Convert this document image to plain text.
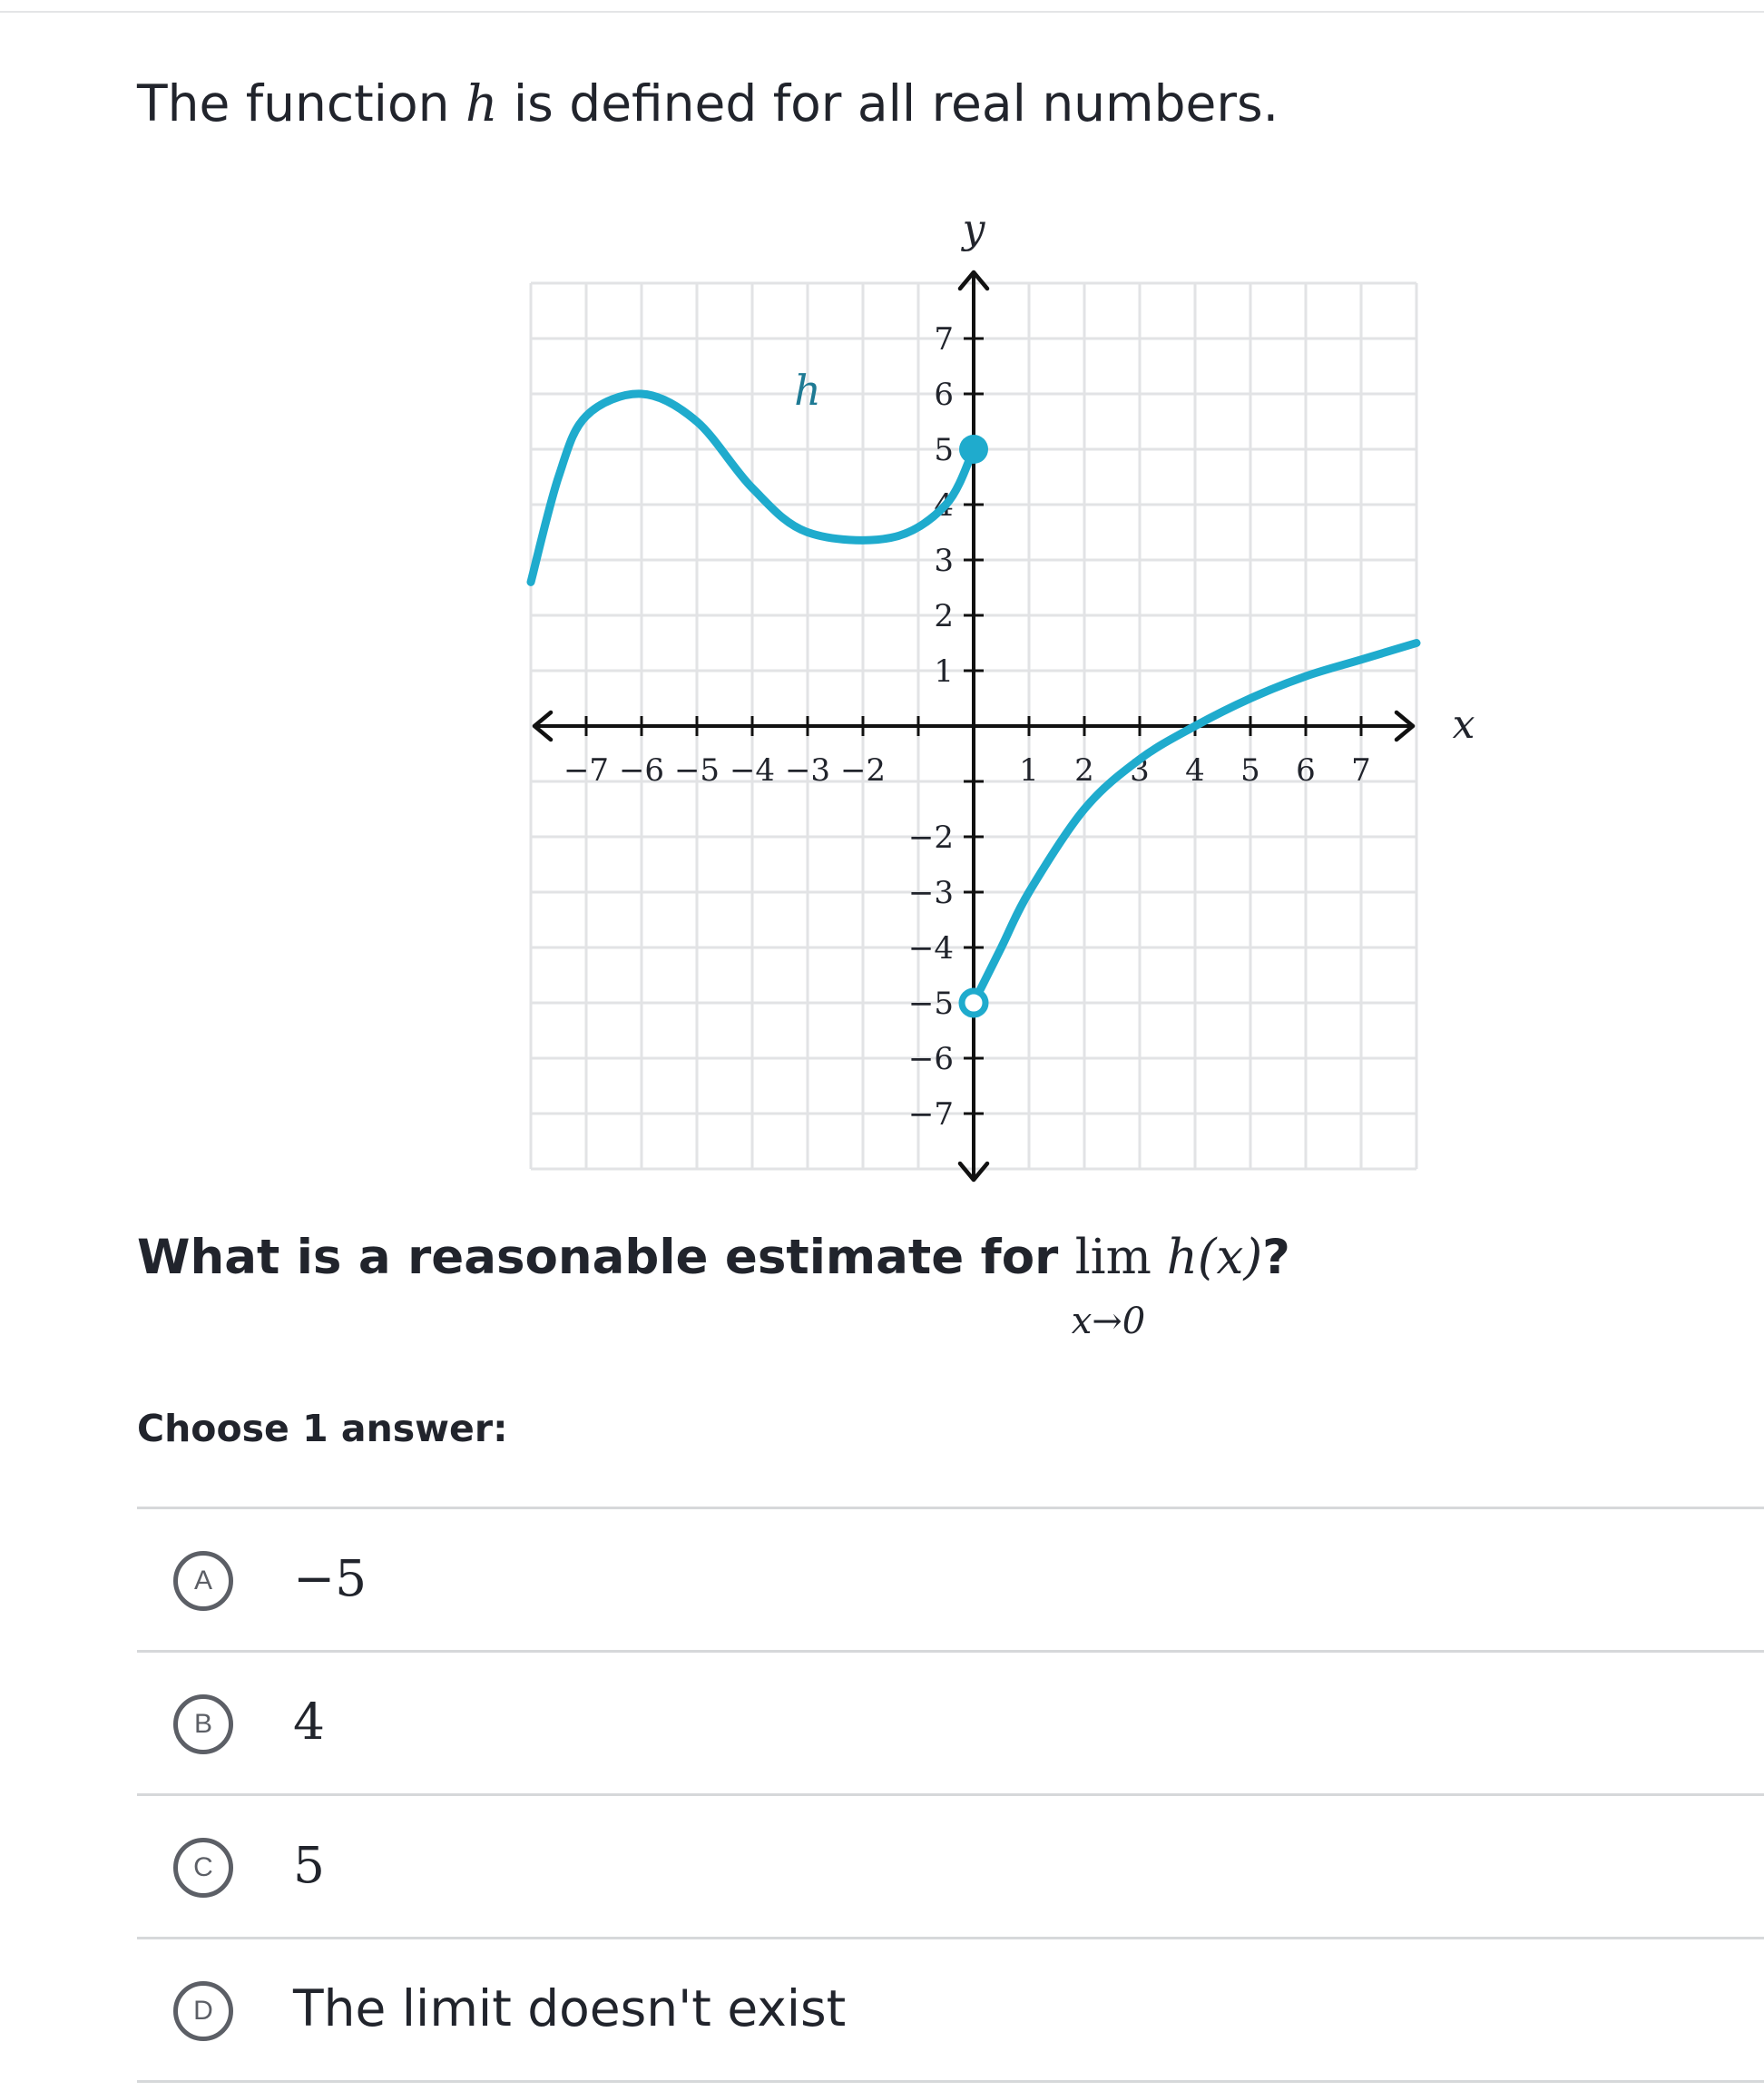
The function h is defined for all real numbers.
−7 −6 −5 −4 −3 −2	1 2 3 4 5 6 7
7
6
5
4
3
2
1
−2
−3
−4
−5
−6
−7
y
x
h
What is a reasonable estimate for lim h(x)
x→0
?
Choose 1 answer:
A	−5
B	4
C	5
D	The limit doesn't exist
